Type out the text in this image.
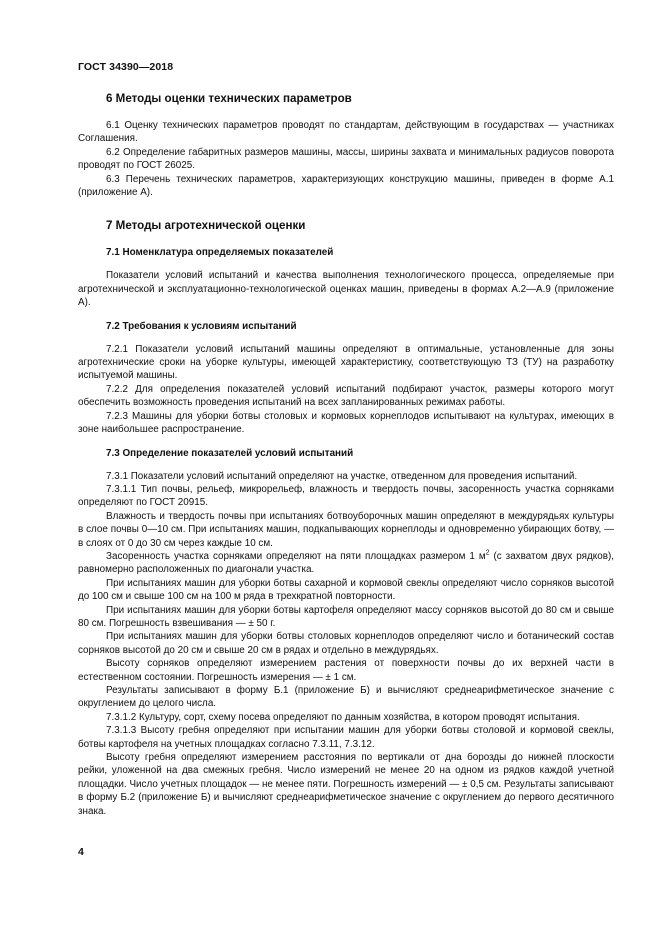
ГОСТ 34390—2018
6 Методы оценки технических параметров

6.1 Оценку технических параметров проводят по стандартам, действующим в государствах — участниках Соглашения.

6.2 Определение габаритных размеров машины, массы, ширины захвата и минимальных радиусов поворота проводят по ГОСТ 26025.

6.3 Перечень технических параметров, характеризующих конструкцию машины, приведен в форме А.1 (приложение А).

7 Методы агротехнической оценки
7.1 Номенклатура определяемых показателей

Показатели условий испытаний и качества выполнения технологического процесса, определяемые при агротехнической и эксплуатационно-технологической оценках машин, приведены в формах А.2—А.9 (приложение А).

7.2 Требования к условиям испытаний

7.2.1 Показатели условий испытаний машины определяют в оптимальные, установленные для зоны агротехнические сроки на уборке культуры, имеющей характеристику, соответствующую ТЗ (ТУ) на разработку испытуемой машины.

7.2.2 Для определения показателей условий испытаний подбирают участок, размеры которого могут обеспечить возможность проведения испытаний на всех запланированных режимах работы.

7.2.3 Машины для уборки ботвы столовых и кормовых корнеплодов испытывают на культурах, имеющих в зоне наибольшее распространение.

7.3 Определение показателей условий испытаний

7.3.1 Показатели условий испытаний определяют на участке, отведенном для проведения испытаний.

7.3.1.1 Тип почвы, рельеф, микрорельеф, влажность и твердость почвы, засоренность участка сорняками определяют по ГОСТ 20915.

Влажность и твердость почвы при испытаниях ботвоуборочных машин определяют в междурядьях культуры в слое почвы 0—10 см. При испытаниях машин, подкапывающих корнеплоды и одновременно убирающих ботву, — в слоях от 0 до 30 см через каждые 10 см.

Засоренность участка сорняками определяют на пяти площадках размером 1 $м^2$ (с захватом двух рядков), равномерно расположенных по диагонали участка.

При испытаниях машин для уборки ботвы сахарной и кормовой свеклы определяют число сорняков высотой до 100 см и свыше 100 см на 100 м ряда в трехкратной повторности.

При испытаниях машин для уборки ботвы картофеля определяют массу сорняков высотой до 80 см и свыше 80 см. Погрешность взвешивания — ± 50 г.

При испытаниях машин для уборки ботвы столовых корнеплодов определяют число и ботанический состав сорняков высотой до 20 см и свыше 20 см в рядах и отдельно в междурядьях.

Высоту сорняков определяют измерением растения от поверхности почвы до их верхней части в естественном состоянии. Погрешность измерения — ± 1 см.

Результаты записывают в форму Б.1 (приложение Б) и вычисляют среднеарифметическое значение с округлением до целого числа.

7.3.1.2 Культуру, сорт, схему посева определяют по данным хозяйства, в котором проводят испытания.

7.3.1.3 Высоту гребня определяют при испытании машин для уборки ботвы столовой и кормовой свеклы, ботвы картофеля на учетных площадках согласно 7.3.11, 7.3.12.

Высоту гребня определяют измерением расстояния по вертикали от дна борозды до нижней плоскости рейки, уложенной на два смежных гребня. Число измерений не менее 20 на одном из рядков каждой учетной площадки. Число учетных площадок — не менее пяти. Погрешность измерений — ± 0,5 см. Результаты записывают в форму Б.2 (приложение Б) и вычисляют среднеарифметическое значение с округлением до первого десятичного знака.

4
